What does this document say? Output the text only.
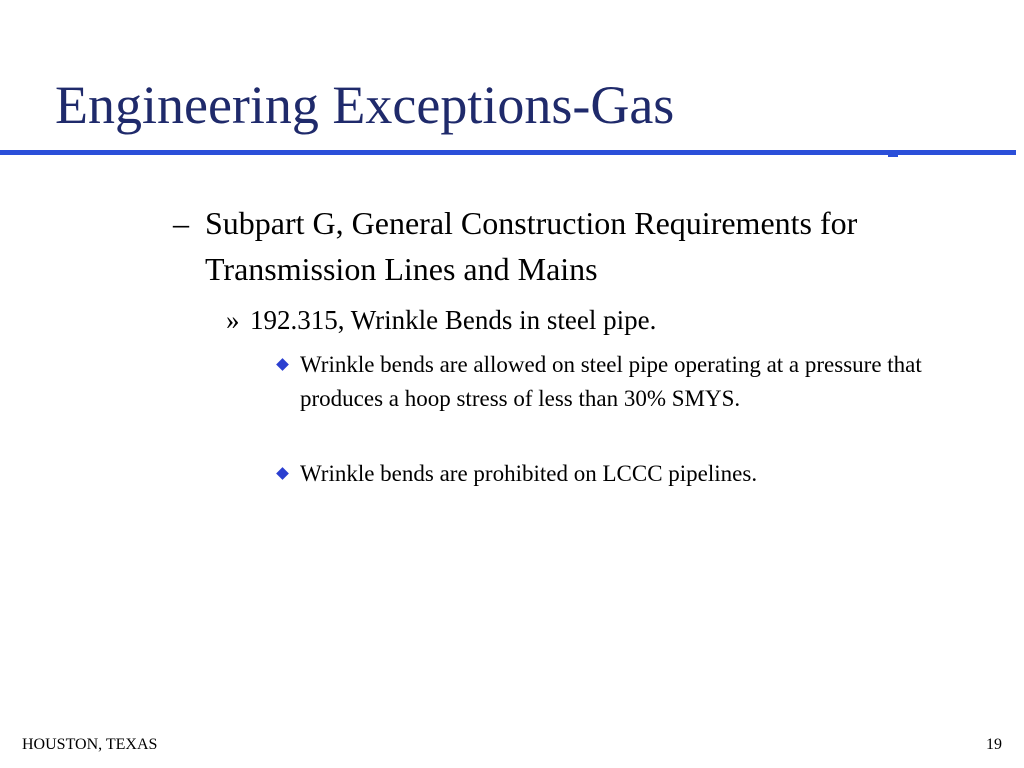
Engineering Exceptions-Gas
– Subpart G, General Construction Requirements for Transmission Lines and Mains
» 192.315, Wrinkle Bends in steel pipe.
Wrinkle bends are allowed on steel pipe operating at a pressure that produces a hoop stress of less than 30% SMYS.
Wrinkle bends are prohibited on LCCC pipelines.
HOUSTON, TEXAS	19
